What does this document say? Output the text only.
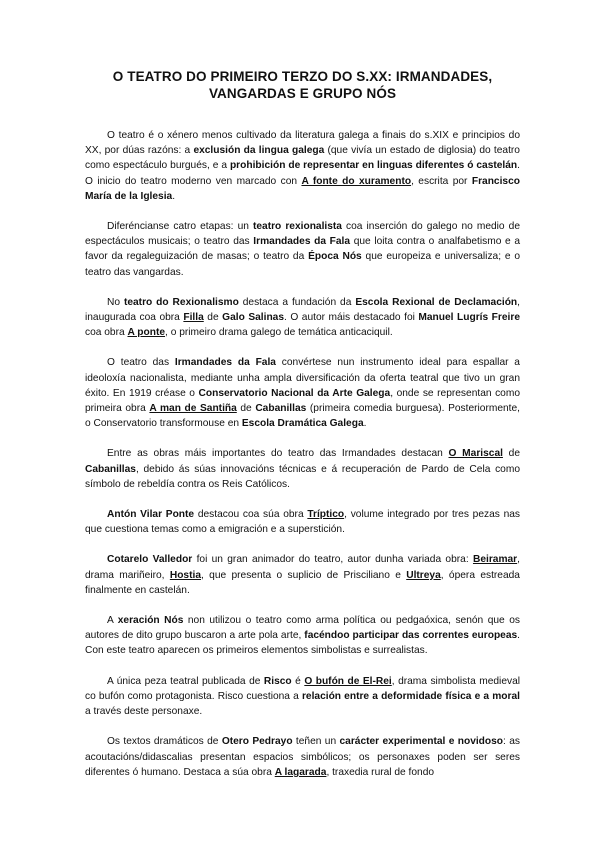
O TEATRO DO PRIMEIRO TERZO DO S.XX: IRMANDADES, VANGARDAS E GRUPO NÓS

O teatro é o xénero menos cultivado da literatura galega a finais do s.XIX e principios do XX, por dúas razóns: a exclusión da lingua galega (que vivía un estado de diglosia) do teatro como espectáculo burgués, e a prohibición de representar en linguas diferentes ó castelán. O inicio do teatro moderno ven marcado con A fonte do xuramento, escrita por Francisco María de la Iglesia.

Diferéncianse catro etapas: un teatro rexionalista coa inserción do galego no medio de espectáculos musicais; o teatro das Irmandades da Fala que loita contra o analfabetismo e a favor da regaleguización de masas; o teatro da Época Nós que europeiza e universaliza; e o teatro das vangardas.

No teatro do Rexionalismo destaca a fundación da Escola Rexional de Declamación, inaugurada coa obra Filla de Galo Salinas. O autor máis destacado foi Manuel Lugrís Freire coa obra A ponte, o primeiro drama galego de temática anticaciquil.

O teatro das Irmandades da Fala convértese nun instrumento ideal para espallar a ideoloxía nacionalista, mediante unha ampla diversificación da oferta teatral que tivo un gran éxito. En 1919 créase o Conservatorio Nacional da Arte Galega, onde se representan como primeira obra A man de Santiña de Cabanillas (primeira comedia burguesa). Posteriormente, o Conservatorio transformouse en Escola Dramática Galega.

Entre as obras máis importantes do teatro das Irmandades destacan O Mariscal de Cabanillas, debido ás súas innovacións técnicas e á recuperación de Pardo de Cela como símbolo de rebeldía contra os Reis Católicos.

Antón Vilar Ponte destacou coa súa obra Tríptico, volume integrado por tres pezas nas que cuestiona temas como a emigración e a superstición.

Cotarelo Valledor foi un gran animador do teatro, autor dunha variada obra: Beiramar, drama mariñeiro, Hostia, que presenta o suplicio de Prisciliano e Ultreya, ópera estreada finalmente en castelán.

A xeración Nós non utilizou o teatro como arma política ou pedgaóxica, senón que os autores de dito grupo buscaron a arte pola arte, facéndoo participar das correntes europeas. Con este teatro aparecen os primeiros elementos simbolistas e surrealistas.

A única peza teatral publicada de Risco é O bufón de El-Rei, drama simbolista medieval co bufón como protagonista. Risco cuestiona a relación entre a deformidade física e a moral a través deste personaxe.

Os textos dramáticos de Otero Pedrayo teñen un carácter experimental e novidoso: as acoutacións/didascalias presentan espacios simbólicos; os personaxes poden ser seres diferentes ó humano. Destaca a súa obra A lagarada, traxedia rural de fondo
